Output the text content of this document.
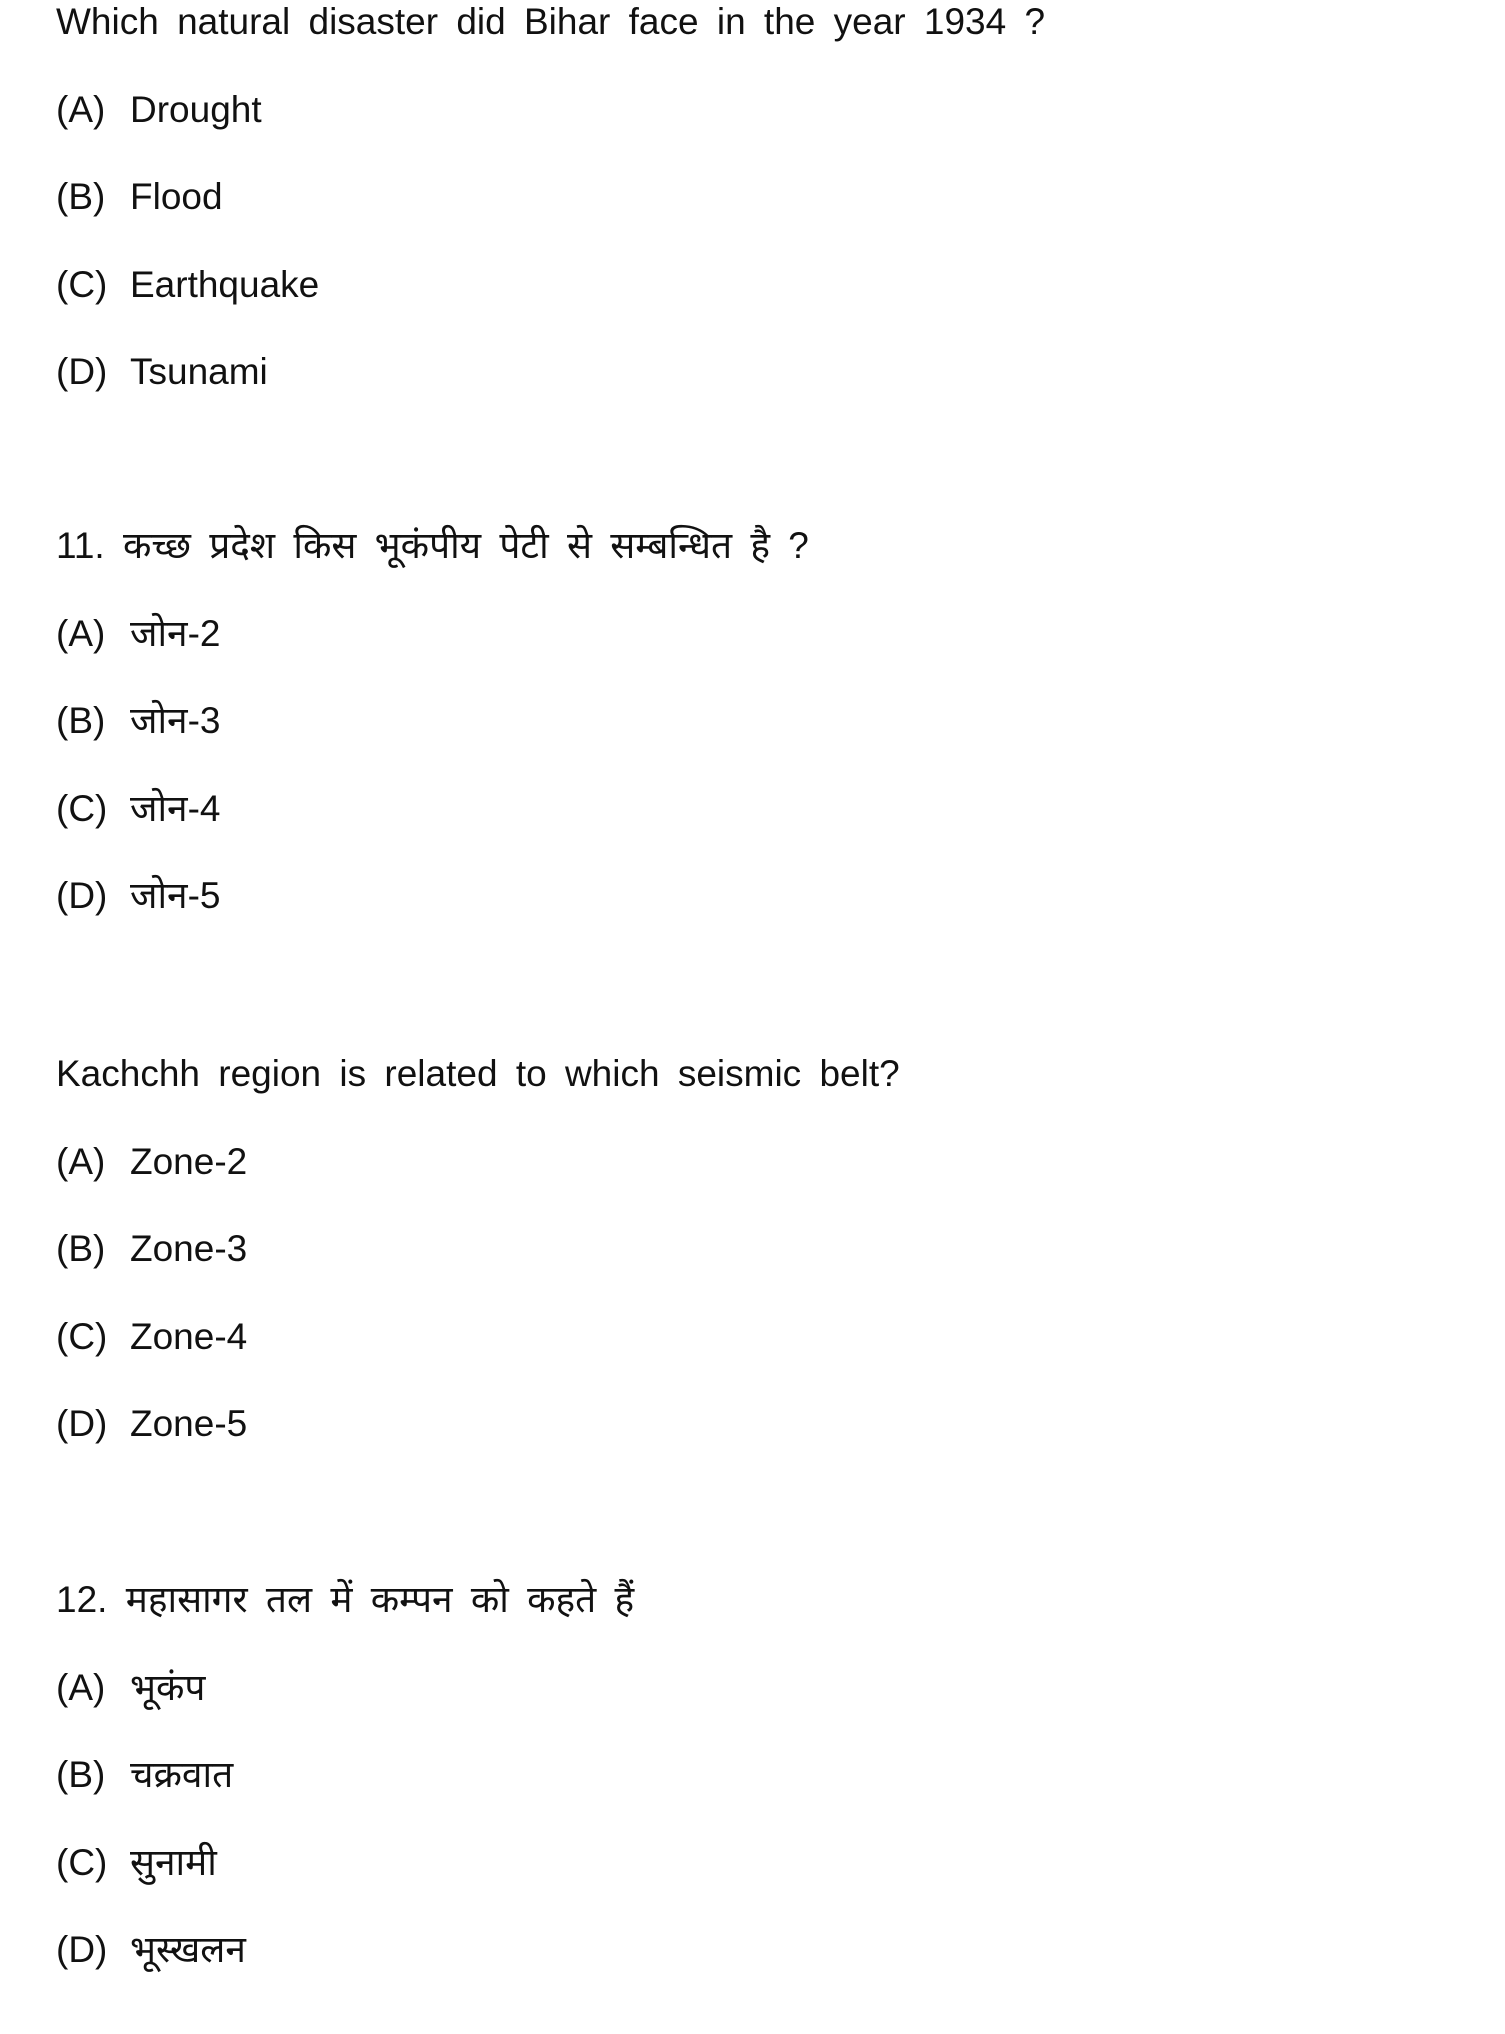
Which natural disaster did Bihar face in the year 1934 ?
(A) Drought
(B) Flood
(C) Earthquake
(D) Tsunami
11. कच्छ प्रदेश किस भूकंपीय पेटी से सम्बन्धित है ?
(A) जोन-2
(B) जोन-3
(C) जोन-4
(D) जोन-5
Kachchh region is related to which seismic belt?
(A) Zone-2
(B) Zone-3
(C) Zone-4
(D) Zone-5
12. महासागर तल में कम्पन को कहते हैं
(A) भूकंप
(B) चक्रवात
(C) सुनामी
(D) भूस्खलन
